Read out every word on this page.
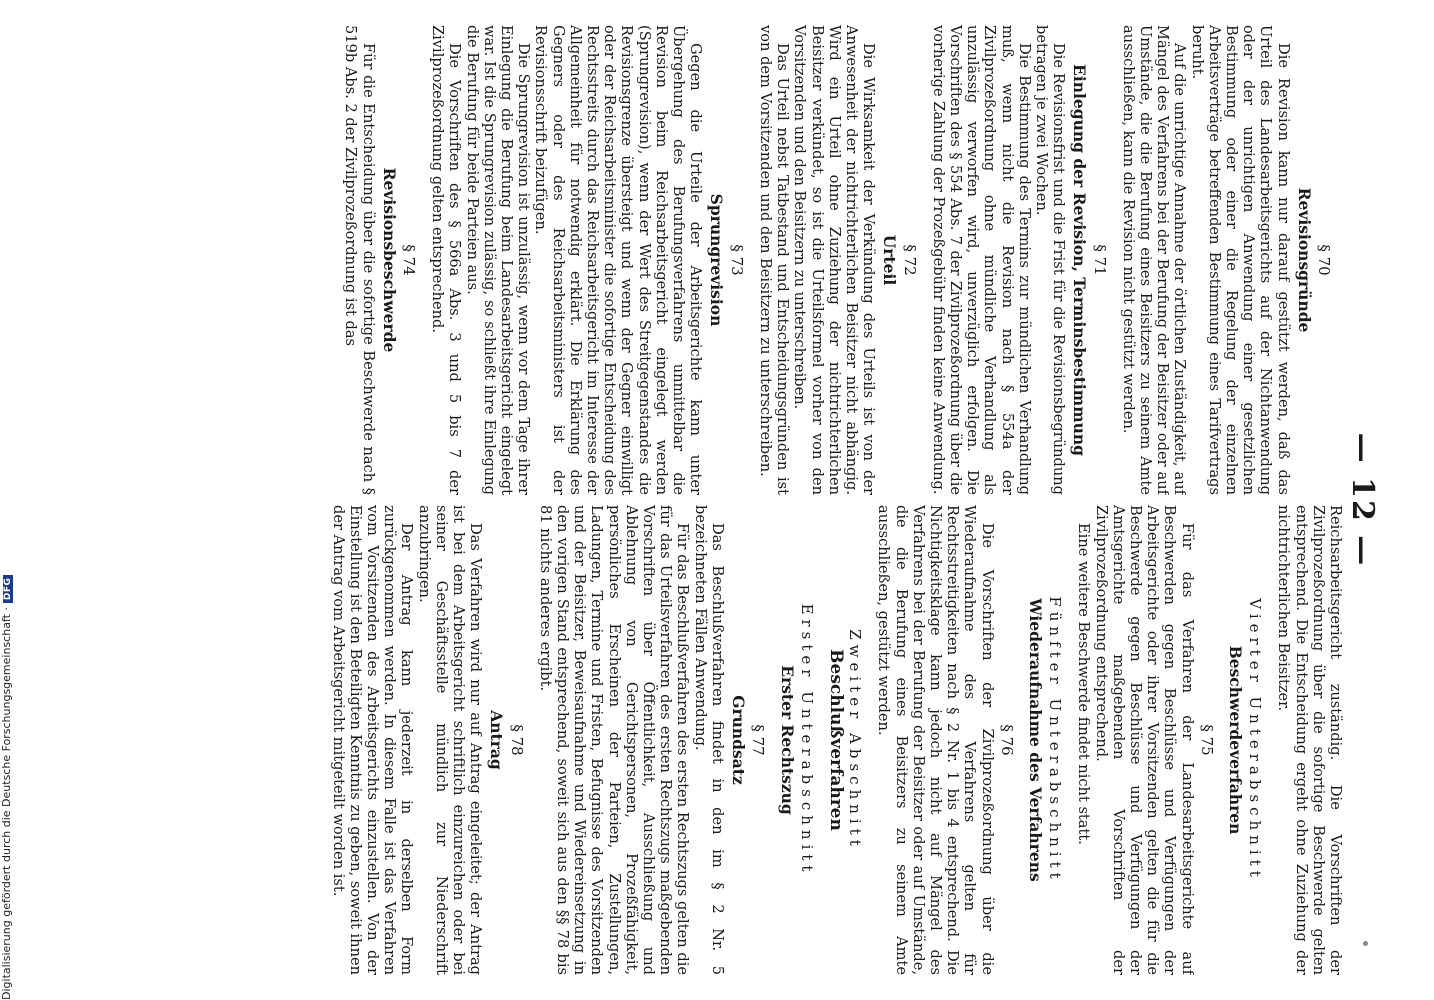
— 12 —
§ 70
Revisionsgründe

Die Revision kann nur darauf gestützt werden, daß das Urteil des Landesarbeitsgerichts auf der Nichtanwendung oder der unrichtigen Anwendung einer gesetzlichen Bestimmung oder einer die Regelung der einzelnen Arbeitsverträge betreffenden Bestimmung eines Tarifvertrags beruht.

Auf die unrichtige Annahme der örtlichen Zuständigkeit, auf Mängel des Verfahrens bei der Berufung der Beisitzer oder auf Umstände, die die Berufung eines Beisitzers zu seinem Amte ausschließen, kann die Revision nicht gestützt werden.

§ 71
Einlegung der Revision, Terminsbestimmung

Die Revisionsfrist und die Frist für die Revisionsbegründung betragen je zwei Wochen.

Die Bestimmung des Termins zur mündlichen Verhandlung muß, wenn nicht die Revision nach § 554a der Zivilprozeßordnung ohne mündliche Verhandlung als unzulässig verworfen wird, unverzüglich erfolgen. Die Vorschriften des § 554 Abs. 7 der Zivilprozeßordnung über die vorherige Zahlung der Prozeßgebühr finden keine Anwendung.

§ 72
Urteil

Die Wirksamkeit der Verkündung des Urteils ist von der Anwesenheit der nichtrichterlichen Beisitzer nicht abhängig. Wird ein Urteil ohne Zuziehung der nichtrichterlichen Beisitzer verkündet, so ist die Urteilsformel vorher von den Vorsitzenden und den Beisitzern zu unterschreiben.

Das Urteil nebst Tatbestand und Entscheidungsgründen ist von dem Vorsitzenden und den Beisitzern zu unterschreiben.

§ 73
Sprungrevision

Gegen die Urteile der Arbeitsgerichte kann unter Übergehung des Berufungsverfahrens unmittelbar die Revision beim Reichsarbeitsgericht eingelegt werden (Sprungrevision), wenn der Wert des Streitgegenstandes die Revisionsgrenze übersteigt und wenn der Gegner einwilligt oder der Reichsarbeitsminister die sofortige Entscheidung des Rechtsstreits durch das Reichsarbeitsgericht im Interesse der Allgemeinheit für notwendig erklärt. Die Erklärung des Gegners oder des Reichsarbeitsministers ist der Revisionsschrift beizufügen.

Die Sprungrevision ist unzulässig, wenn vor dem Tage ihrer Einlegung die Berufung beim Landesarbeitsgericht eingelegt war. Ist die Sprungrevision zulässig, so schließt ihre Einlegung die Berufung für beide Parteien aus.

Die Vorschriften des § 566a Abs. 3 und 5 bis 7 der Zivilprozeßordnung gelten entsprechend.

§ 74
Revisionsbeschwerde

Für die Entscheidung über die sofortige Beschwerde nach § 519b Abs. 2 der Zivilprozeßordnung ist das

Reichsarbeitsgericht zuständig. Die Vorschriften der Zivilprozeßordnung über die sofortige Beschwerde gelten entsprechend. Die Entscheidung ergeht ohne Zuziehung der nichtrichterlichen Beisitzer.

Vierter Unterabschnitt
Beschwerdeverfahren
§ 75

Für das Verfahren der Landesarbeitsgerichte auf Beschwerden gegen Beschlüsse und Verfügungen der Arbeitsgerichte oder ihrer Vorsitzenden gelten die für die Beschwerde gegen Beschlüsse und Verfügungen der Amtsgerichte maßgebenden Vorschriften der Zivilprozeßordnung entsprechend.

Eine weitere Beschwerde findet nicht statt.

Fünfter Unterabschnitt
Wiederaufnahme des Verfahrens
§ 76

Die Vorschriften der Zivilprozeßordnung über die Wiederaufnahme des Verfahrens gelten für Rechtsstreitigkeiten nach § 2 Nr. 1 bis 4 entsprechend. Die Nichtigkeitsklage kann jedoch nicht auf Mängel des Verfahrens bei der Berufung der Beisitzer oder auf Umstände, die die Berufung eines Beisitzers zu seinem Amte ausschließen, gestützt werden.

Zweiter Abschnitt
Beschlußverfahren
Erster Unterabschnitt
Erster Rechtszug
§ 77
Grundsatz

Das Beschlußverfahren findet in den im § 2 Nr. 5 bezeichneten Fällen Anwendung.

Für das Beschlußverfahren des ersten Rechtszugs gelten die für das Urteilsverfahren des ersten Rechtszugs maßgebenden Vorschriften über Öffentlichkeit, Ausschließung und Ablehnung von Gerichtspersonen, Prozeßfähigkeit, persönliches Erscheinen der Parteien, Zustellungen, Ladungen, Termine und Fristen, Befugnisse des Vorsitzenden und der Beisitzer, Beweisaufnahme und Wiedereinsetzung in den vorigen Stand entsprechend, soweit sich aus den §§ 78 bis 81 nichts anderes ergibt.

§ 78
Antrag

Das Verfahren wird nur auf Antrag eingeleitet; der Antrag ist bei dem Arbeitsgericht schriftlich einzureichen oder bei seiner Geschäftsstelle mündlich zur Niederschrift anzubringen.

Der Antrag kann jederzeit in derselben Form zurückgenommen werden. In diesem Falle ist das Verfahren vom Vorsitzenden des Arbeitsgerichts einzustellen. Von der Einstellung ist den Beteiligten Kenntnis zu geben, soweit ihnen der Antrag vom Arbeitsgericht mitgeteilt worden ist.

Digitalisierung gefördert durch die Deutsche Forschungsgemeinschaft ·DFG
